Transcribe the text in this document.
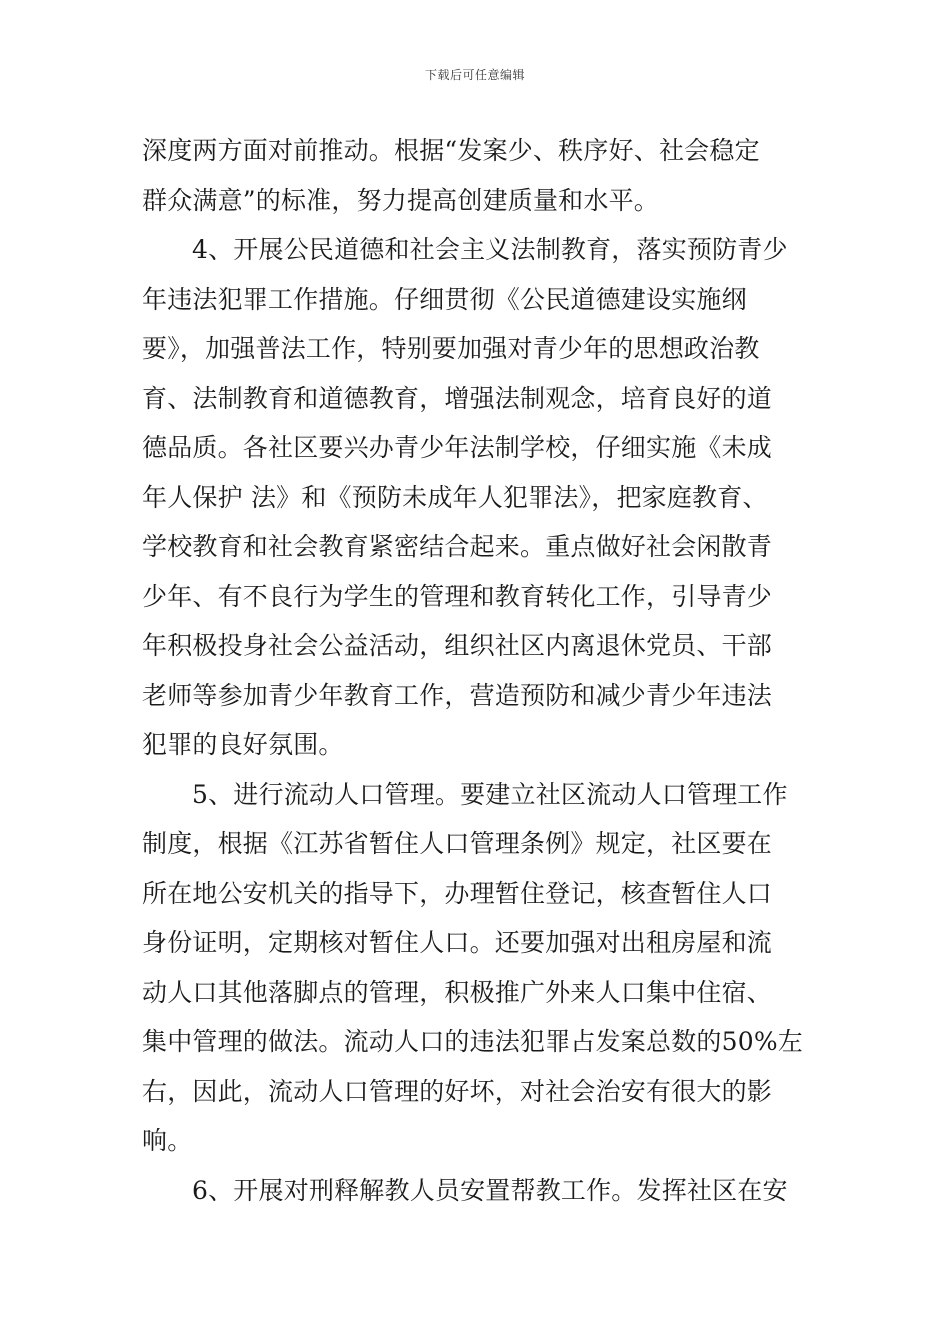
下载后可任意编辑
深度两方面对前推动。根据“发案少、秩序好、社会稳定
群众满意”的标准，努力提高创建质量和水平。
4、开展公民道德和社会主义法制教育，落实预防青少
年违法犯罪工作措施。仔细贯彻《公民道德建设实施纲
要》，加强普法工作，特别要加强对青少年的思想政治教
育、法制教育和道德教育，增强法制观念，培育良好的道
德品质。各社区要兴办青少年法制学校，仔细实施《未成
年人保护 法》和《预防未成年人犯罪法》，把家庭教育、
学校教育和社会教育紧密结合起来。重点做好社会闲散青
少年、有不良行为学生的管理和教育转化工作，引导青少
年积极投身社会公益活动，组织社区内离退休党员、干部
老师等参加青少年教育工作，营造预防和减少青少年违法
犯罪的良好氛围。
5、进行流动人口管理。要建立社区流动人口管理工作
制度，根据《江苏省暂住人口管理条例》规定，社区要在
所在地公安机关的指导下，办理暂住登记，核查暂住人口
身份证明，定期核对暂住人口。还要加强对出租房屋和流
动人口其他落脚点的管理，积极推广外来人口集中住宿、
集中管理的做法。流动人口的违法犯罪占发案总数的50%左
右，因此，流动人口管理的好坏，对社会治安有很大的影
响。
6、开展对刑释解教人员安置帮教工作。发挥社区在安
